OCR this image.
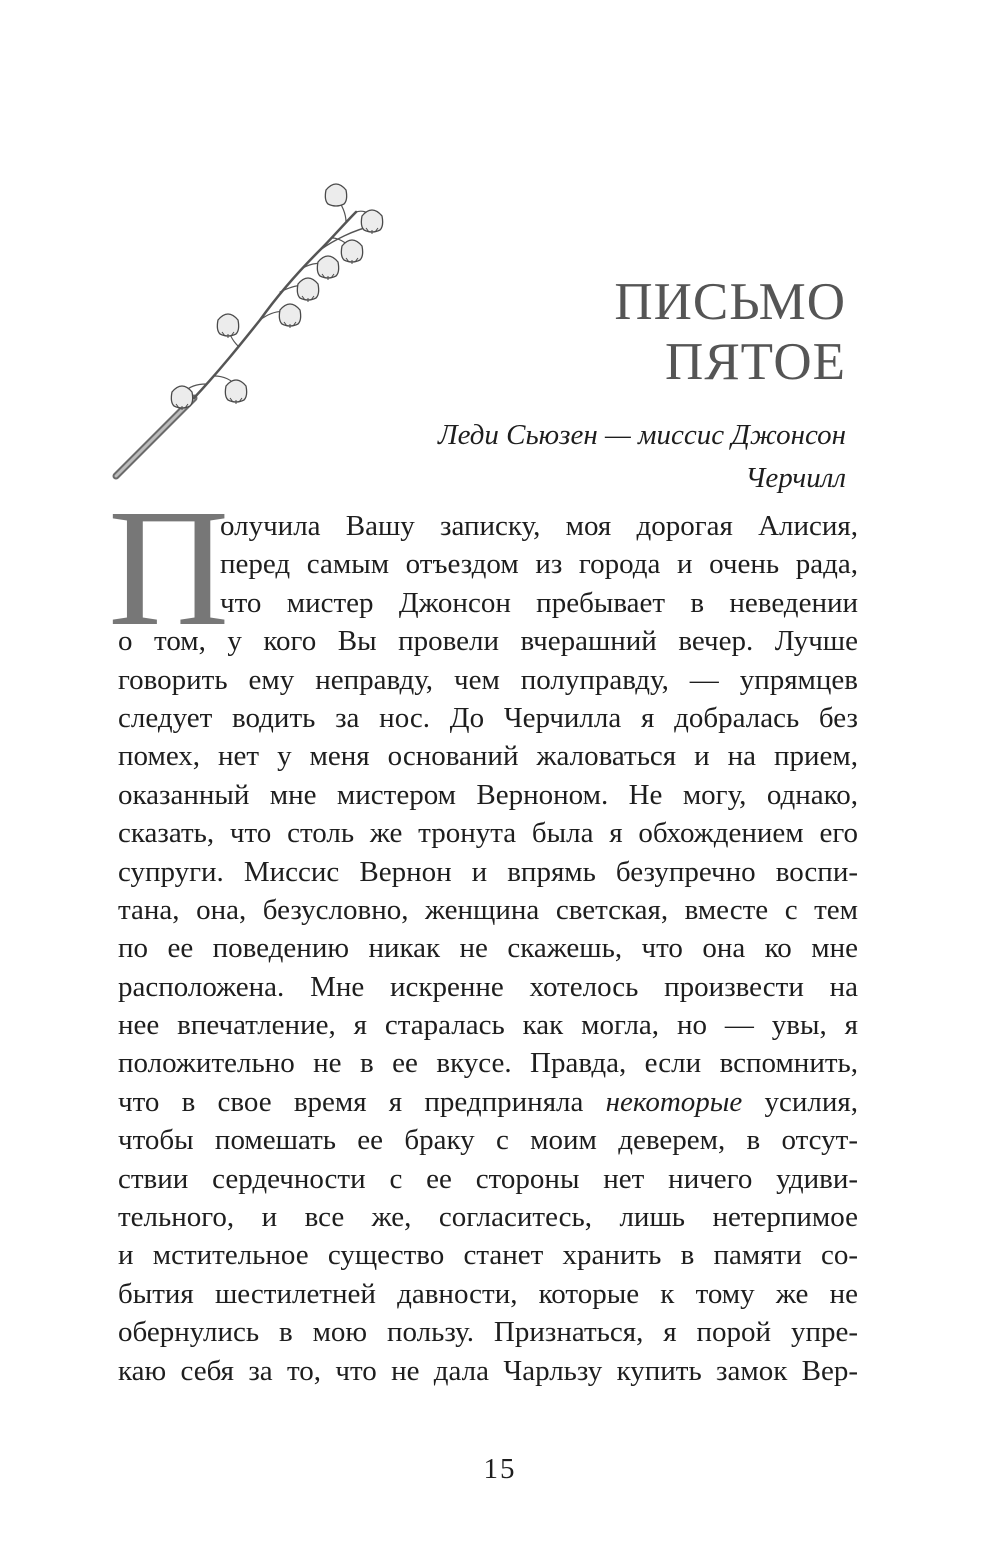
ПИСЬМО
ПЯТОЕ
Леди Сьюзен — миссис Джонсон
Черчилл
П
олучила Вашу записку, моя дорогая Алисия,
перед самым отъездом из города и очень рада,
что мистер Джонсон пребывает в неведении
о том, у кого Вы провели вчерашний вечер. Лучше
говорить ему неправду, чем полуправду, — упрямцев
следует водить за нос. До Черчилла я добралась без
помех, нет у меня оснований жаловаться и на прием,
оказанный мне мистером Верноном. Не могу, однако,
сказать, что столь же тронута была я обхождением его
супруги. Миссис Вернон и впрямь безупречно воспи-
тана, она, безусловно, женщина светская, вместе с тем
по ее поведению никак не скажешь, что она ко мне
расположена. Мне искренне хотелось произвести на
нее впечатление, я старалась как могла, но — увы, я
положительно не в ее вкусе. Правда, если вспомнить,
что в свое время я предприняла некоторые усилия,
чтобы помешать ее браку с моим деверем, в отсут-
ствии сердечности с ее стороны нет ничего удиви-
тельного, и все же, согласитесь, лишь нетерпимое
и мстительное существо станет хранить в памяти со-
бытия шестилетней давности, которые к тому же не
обернулись в мою пользу. Признаться, я порой упре-
каю себя за то, что не дала Чарльзу купить замок Вер-
15
